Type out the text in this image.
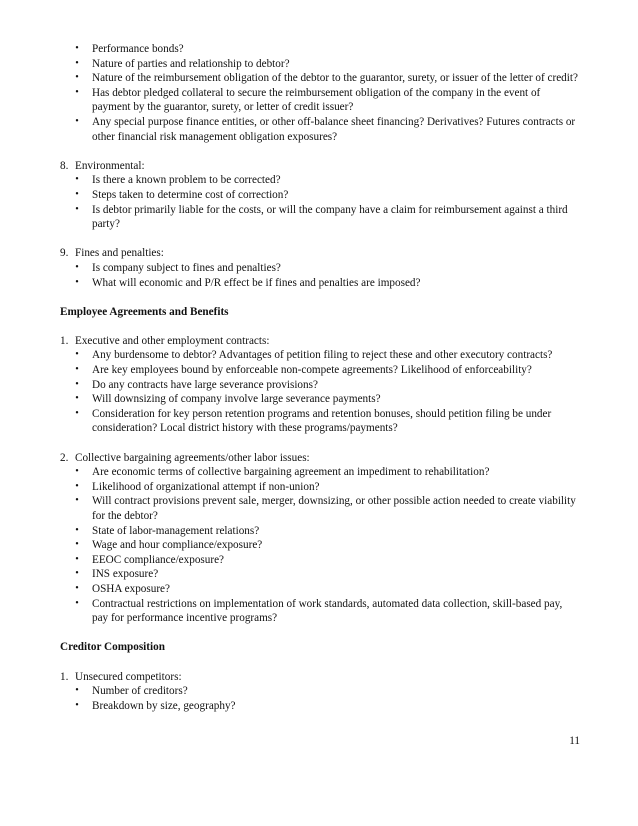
• Performance bonds?
• Nature of parties and relationship to debtor?
• Nature of the reimbursement obligation of the debtor to the guarantor, surety, or issuer of the letter of credit?
• Has debtor pledged collateral to secure the reimbursement obligation of the company in the event of payment by the guarantor, surety, or letter of credit issuer?
• Any special purpose finance entities, or other off-balance sheet financing? Derivatives? Futures contracts or other financial risk management obligation exposures?
8. Environmental:
• Is there a known problem to be corrected?
• Steps taken to determine cost of correction?
• Is debtor primarily liable for the costs, or will the company have a claim for reimbursement against a third party?
9. Fines and penalties:
• Is company subject to fines and penalties?
• What will economic and P/R effect be if fines and penalties are imposed?
Employee Agreements and Benefits
1. Executive and other employment contracts:
• Any burdensome to debtor? Advantages of petition filing to reject these and other executory contracts?
• Are key employees bound by enforceable non-compete agreements? Likelihood of enforceability?
• Do any contracts have large severance provisions?
• Will downsizing of company involve large severance payments?
• Consideration for key person retention programs and retention bonuses, should petition filing be under consideration? Local district history with these programs/payments?
2. Collective bargaining agreements/other labor issues:
• Are economic terms of collective bargaining agreement an impediment to rehabilitation?
• Likelihood of organizational attempt if non-union?
• Will contract provisions prevent sale, merger, downsizing, or other possible action needed to create viability for the debtor?
• State of labor-management relations?
• Wage and hour compliance/exposure?
• EEOC compliance/exposure?
• INS exposure?
• OSHA exposure?
• Contractual restrictions on implementation of work standards, automated data collection, skill-based pay, pay for performance incentive programs?
Creditor Composition
1. Unsecured competitors:
• Number of creditors?
• Breakdown by size, geography?
11
